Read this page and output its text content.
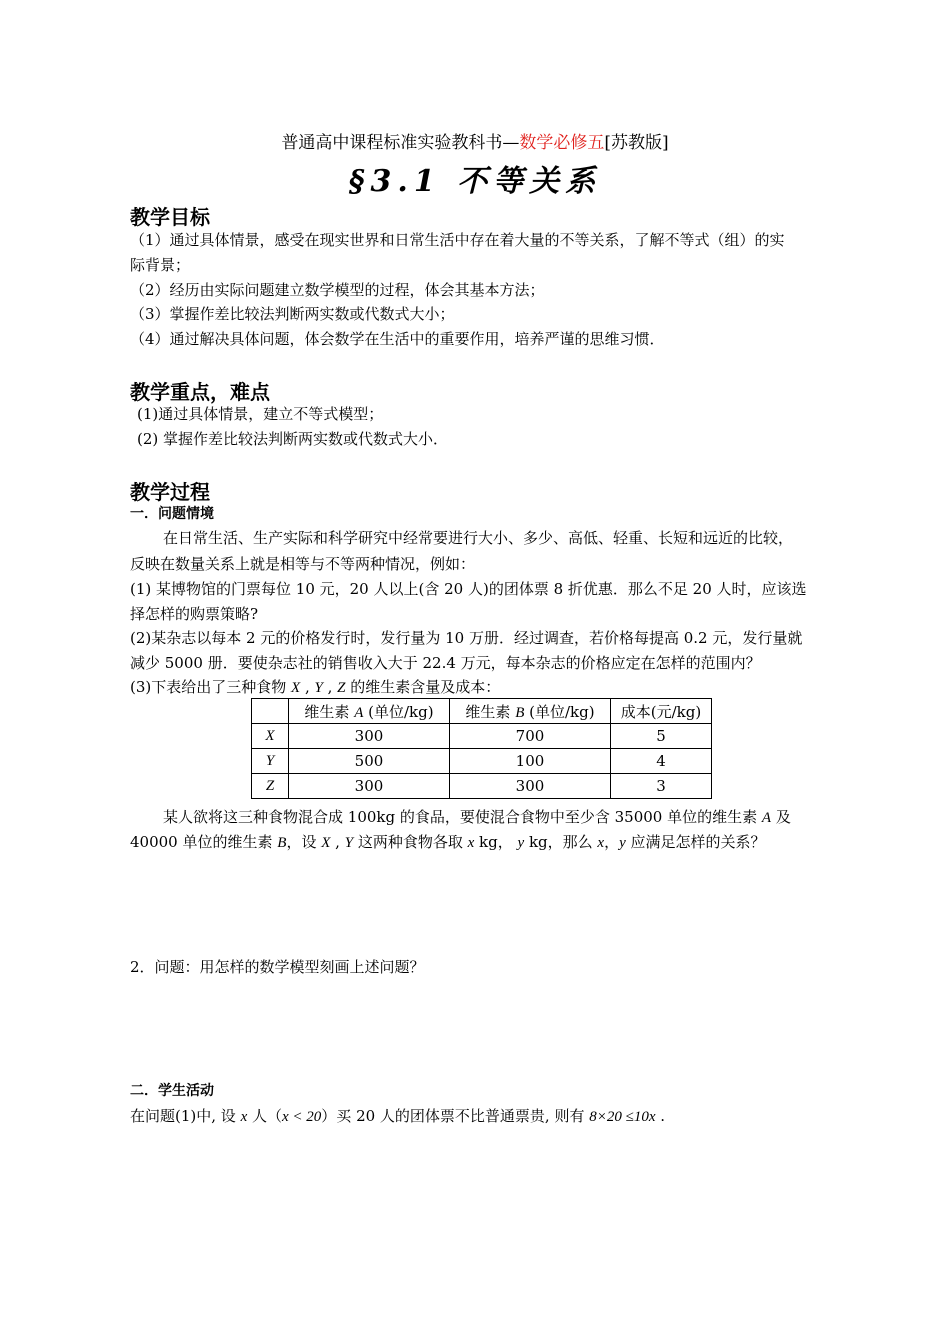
普通高中课程标准实验教科书—数学必修五[苏教版]
§3.1 不等关系
教学目标
（1）通过具体情景，感受在现实世界和日常生活中存在着大量的不等关系，了解不等式（组）的实
际背景；
（2）经历由实际问题建立数学模型的过程，体会其基本方法；
（3）掌握作差比较法判断两实数或代数式大小；
（4）通过解决具体问题，体会数学在生活中的重要作用，培养严谨的思维习惯．
教学重点，难点
(1)通过具体情景，建立不等式模型；
(2) 掌握作差比较法判断两实数或代数式大小．
教学过程
一．问题情境
在日常生活、生产实际和科学研究中经常要进行大小、多少、高低、轻重、长短和远近的比较，
反映在数量关系上就是相等与不等两种情况，例如：
(1) 某博物馆的门票每位 10 元，20 人以上(含 20 人)的团体票 8 折优惠．那么不足 20 人时，应该选
择怎样的购票策略?
(2)某杂志以每本 2 元的价格发行时，发行量为 10 万册．经过调查，若价格每提高 0.2 元，发行量就
减少 5000 册．要使杂志社的销售收入大于 22.4 万元，每本杂志的价格应定在怎样的范围内？
(3)下表给出了三种食物 X , Y , Z 的维生素含量及成本：
	维生素 A (单位/kg)	维生素 B (单位/kg)	成本(元/kg)
X	300	700	5
Y	500	100	4
Z	300	300	3
某人欲将这三种食物混合成 100kg 的食品，要使混合食物中至少含 35000 单位的维生素 A 及
40000 单位的维生素 B，设 X , Y 这两种食物各取 x kg， y kg，那么 x，y 应满足怎样的关系？
2．问题：用怎样的数学模型刻画上述问题？
二．学生活动
在问题(1)中, 设 x 人（x < 20）买 20 人的团体票不比普通票贵, 则有 8×20 ≤10x .
